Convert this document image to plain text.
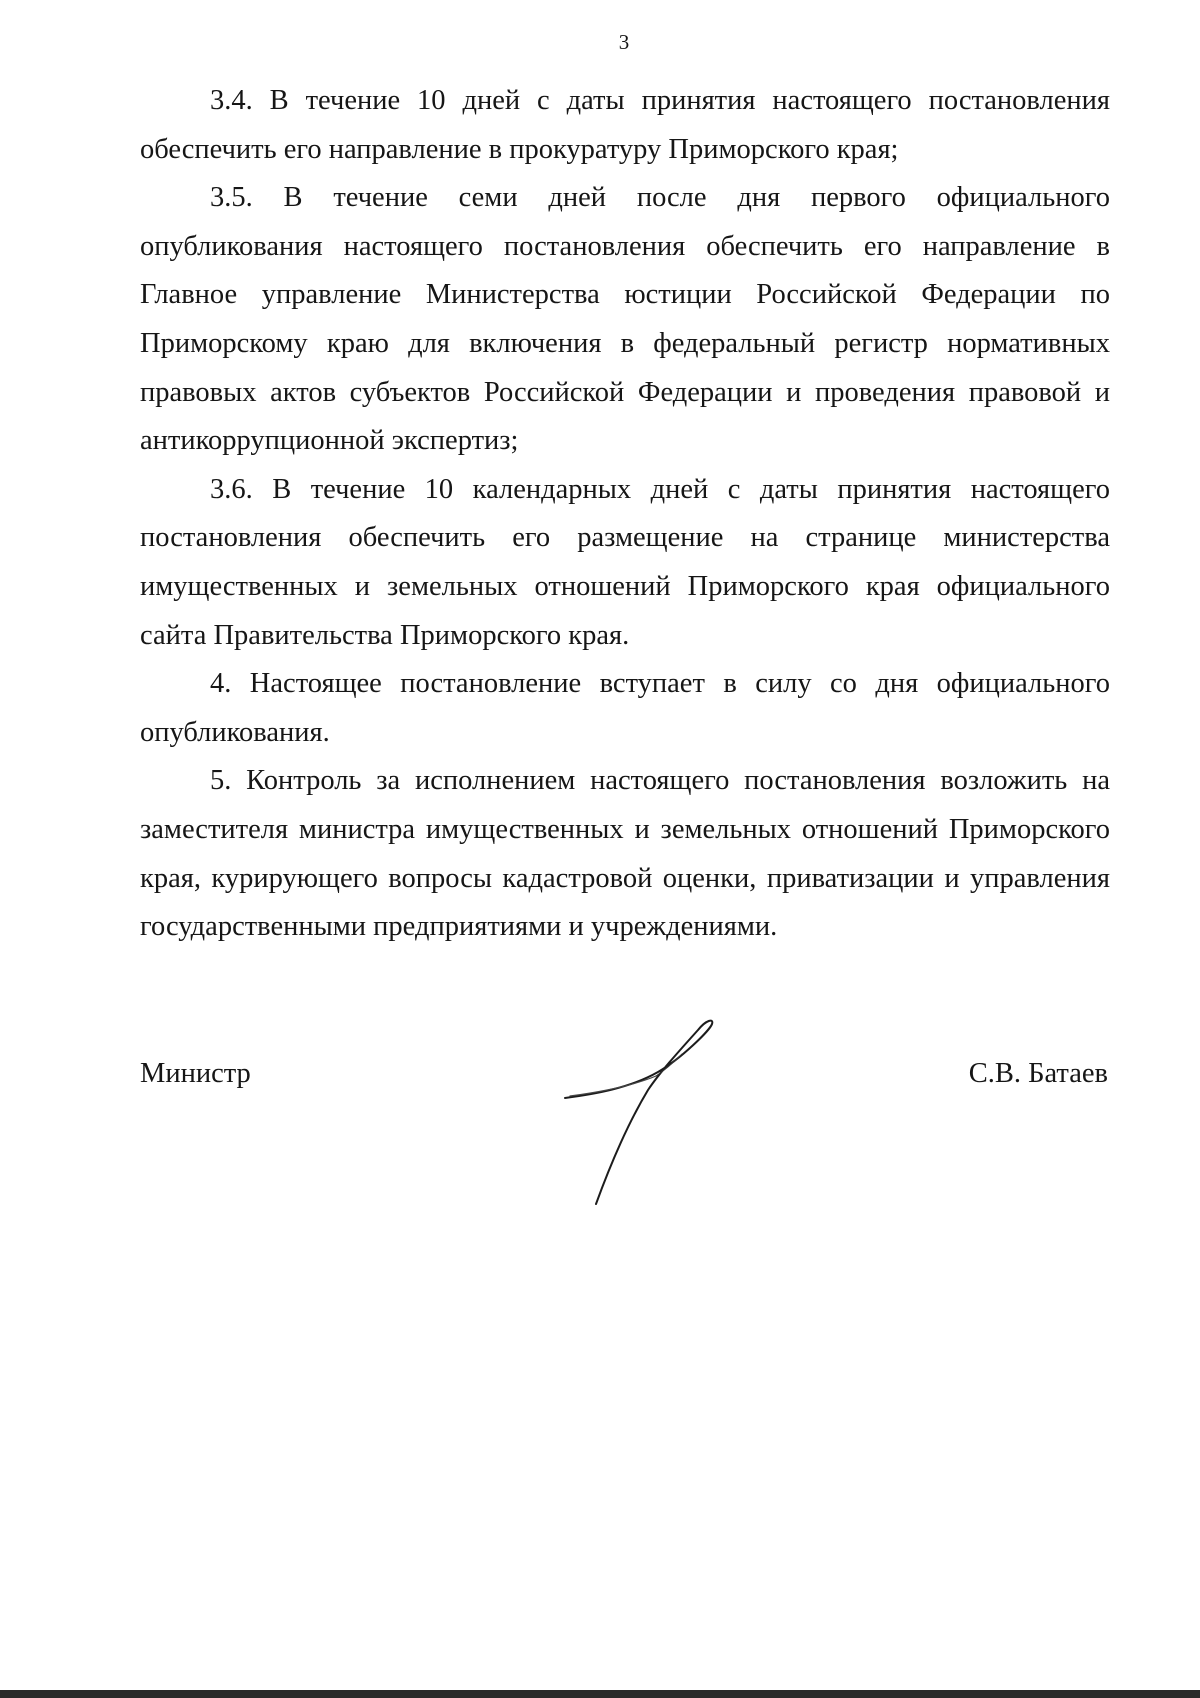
3

3.4. В течение 10 дней с даты принятия настоящего постановления обеспечить его направление в прокуратуру Приморского края;

3.5. В течение семи дней после дня первого официального опубликования настоящего постановления обеспечить его направление в Главное управление Министерства юстиции Российской Федерации по Приморскому краю для включения в федеральный регистр нормативных правовых актов субъектов Российской Федерации и проведения правовой и антикоррупционной экспертиз;

3.6. В течение 10 календарных дней с даты принятия настоящего постановления обеспечить его размещение на странице министерства имущественных и земельных отношений Приморского края официального сайта Правительства Приморского края.

4. Настоящее постановление вступает в силу со дня официального опубликования.

5. Контроль за исполнением настоящего постановления возложить на заместителя министра имущественных и земельных отношений Приморского края, курирующего вопросы кадастровой оценки, приватизации и управления государственными предприятиями и учреждениями.

Министр	С.В. Батаев
